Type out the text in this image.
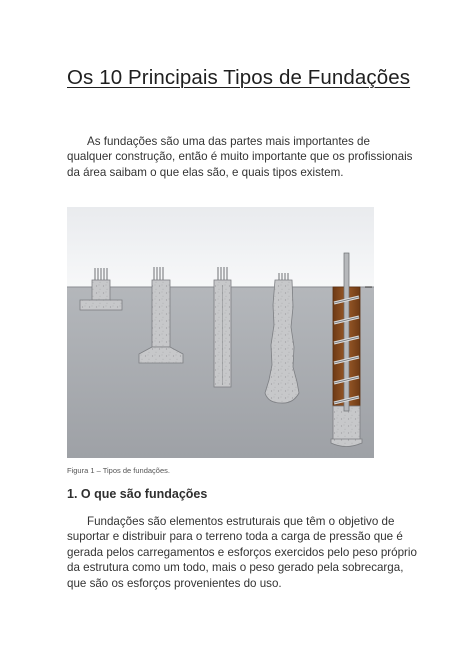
Os 10 Principais Tipos de Fundações
As fundações são uma das partes mais importantes de qualquer construção, então é muito importante que os profissionais da área saibam o que elas são, e quais tipos existem.
Figura 1 – Tipos de fundações.
1. O que são fundações
Fundações são elementos estruturais que têm o objetivo de suportar e distribuir para o terreno toda a carga de pressão que é gerada pelos carregamentos e esforços exercidos pelo peso próprio da estrutura como um todo, mais o peso gerado pela sobrecarga, que são os esforços provenientes do uso.
